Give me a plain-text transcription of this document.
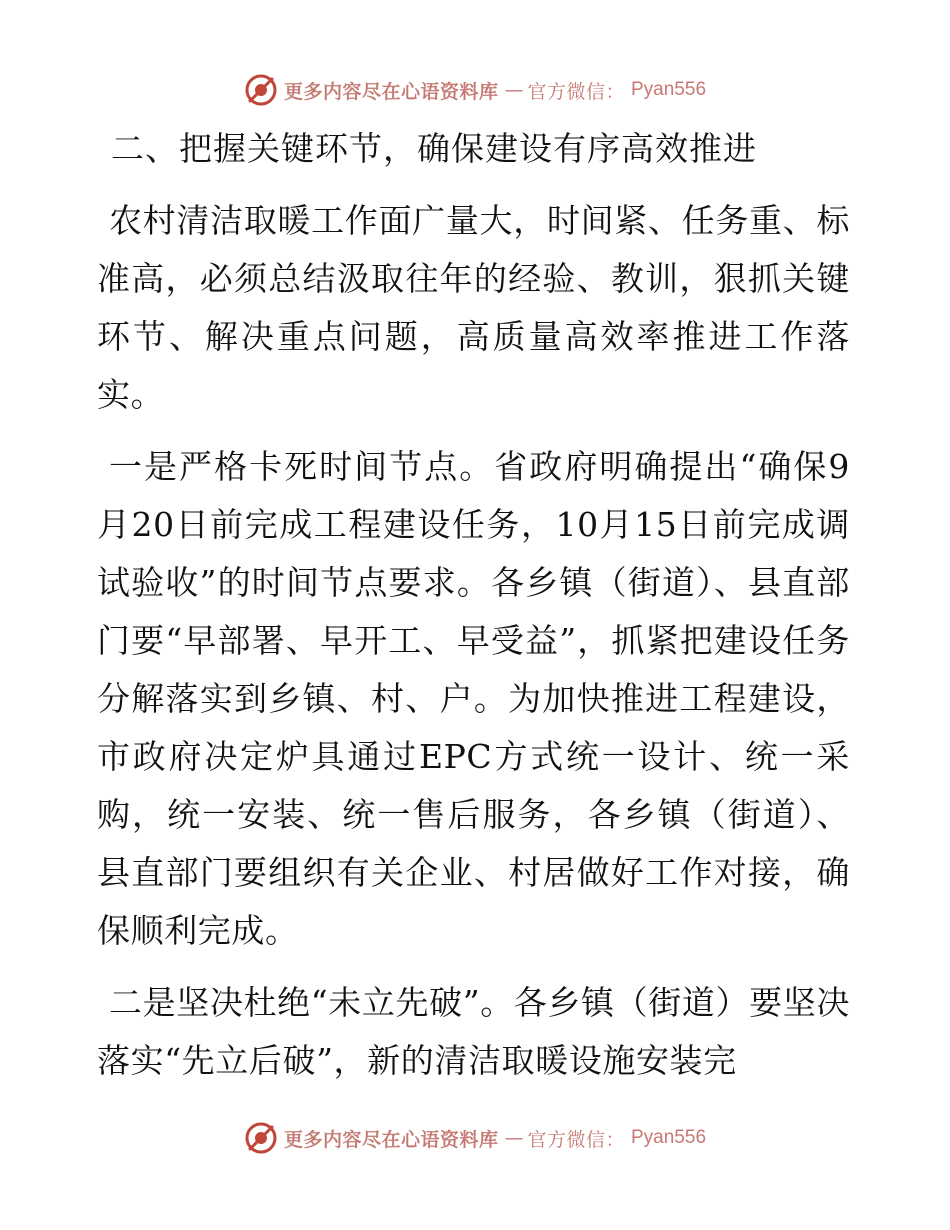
更多内容尽在心语资料库 — 官方微信： Pyan556
二、把握关键环节，确保建设有序高效推进

农村清洁取暖工作面广量大，时间紧、任务重、标准高，必须总结汲取往年的经验、教训，狠抓关键环节、解决重点问题，高质量高效率推进工作落实。

一是严格卡死时间节点。省政府明确提出“确保9月20日前完成工程建设任务，10月15日前完成调试验收”的时间节点要求。各乡镇（街道）、县直部门要“早部署、早开工、早受益”，抓紧把建设任务分解落实到乡镇、村、户。为加快推进工程建设，市政府决定炉具通过EPC方式统一设计、统一采购，统一安装、统一售后服务，各乡镇（街道）、县直部门要组织有关企业、村居做好工作对接，确保顺利完成。

二是坚决杜绝“未立先破”。各乡镇（街道）要坚决落实“先立后破”，新的清洁取暖设施安装完

更多内容尽在心语资料库 — 官方微信： Pyan556
